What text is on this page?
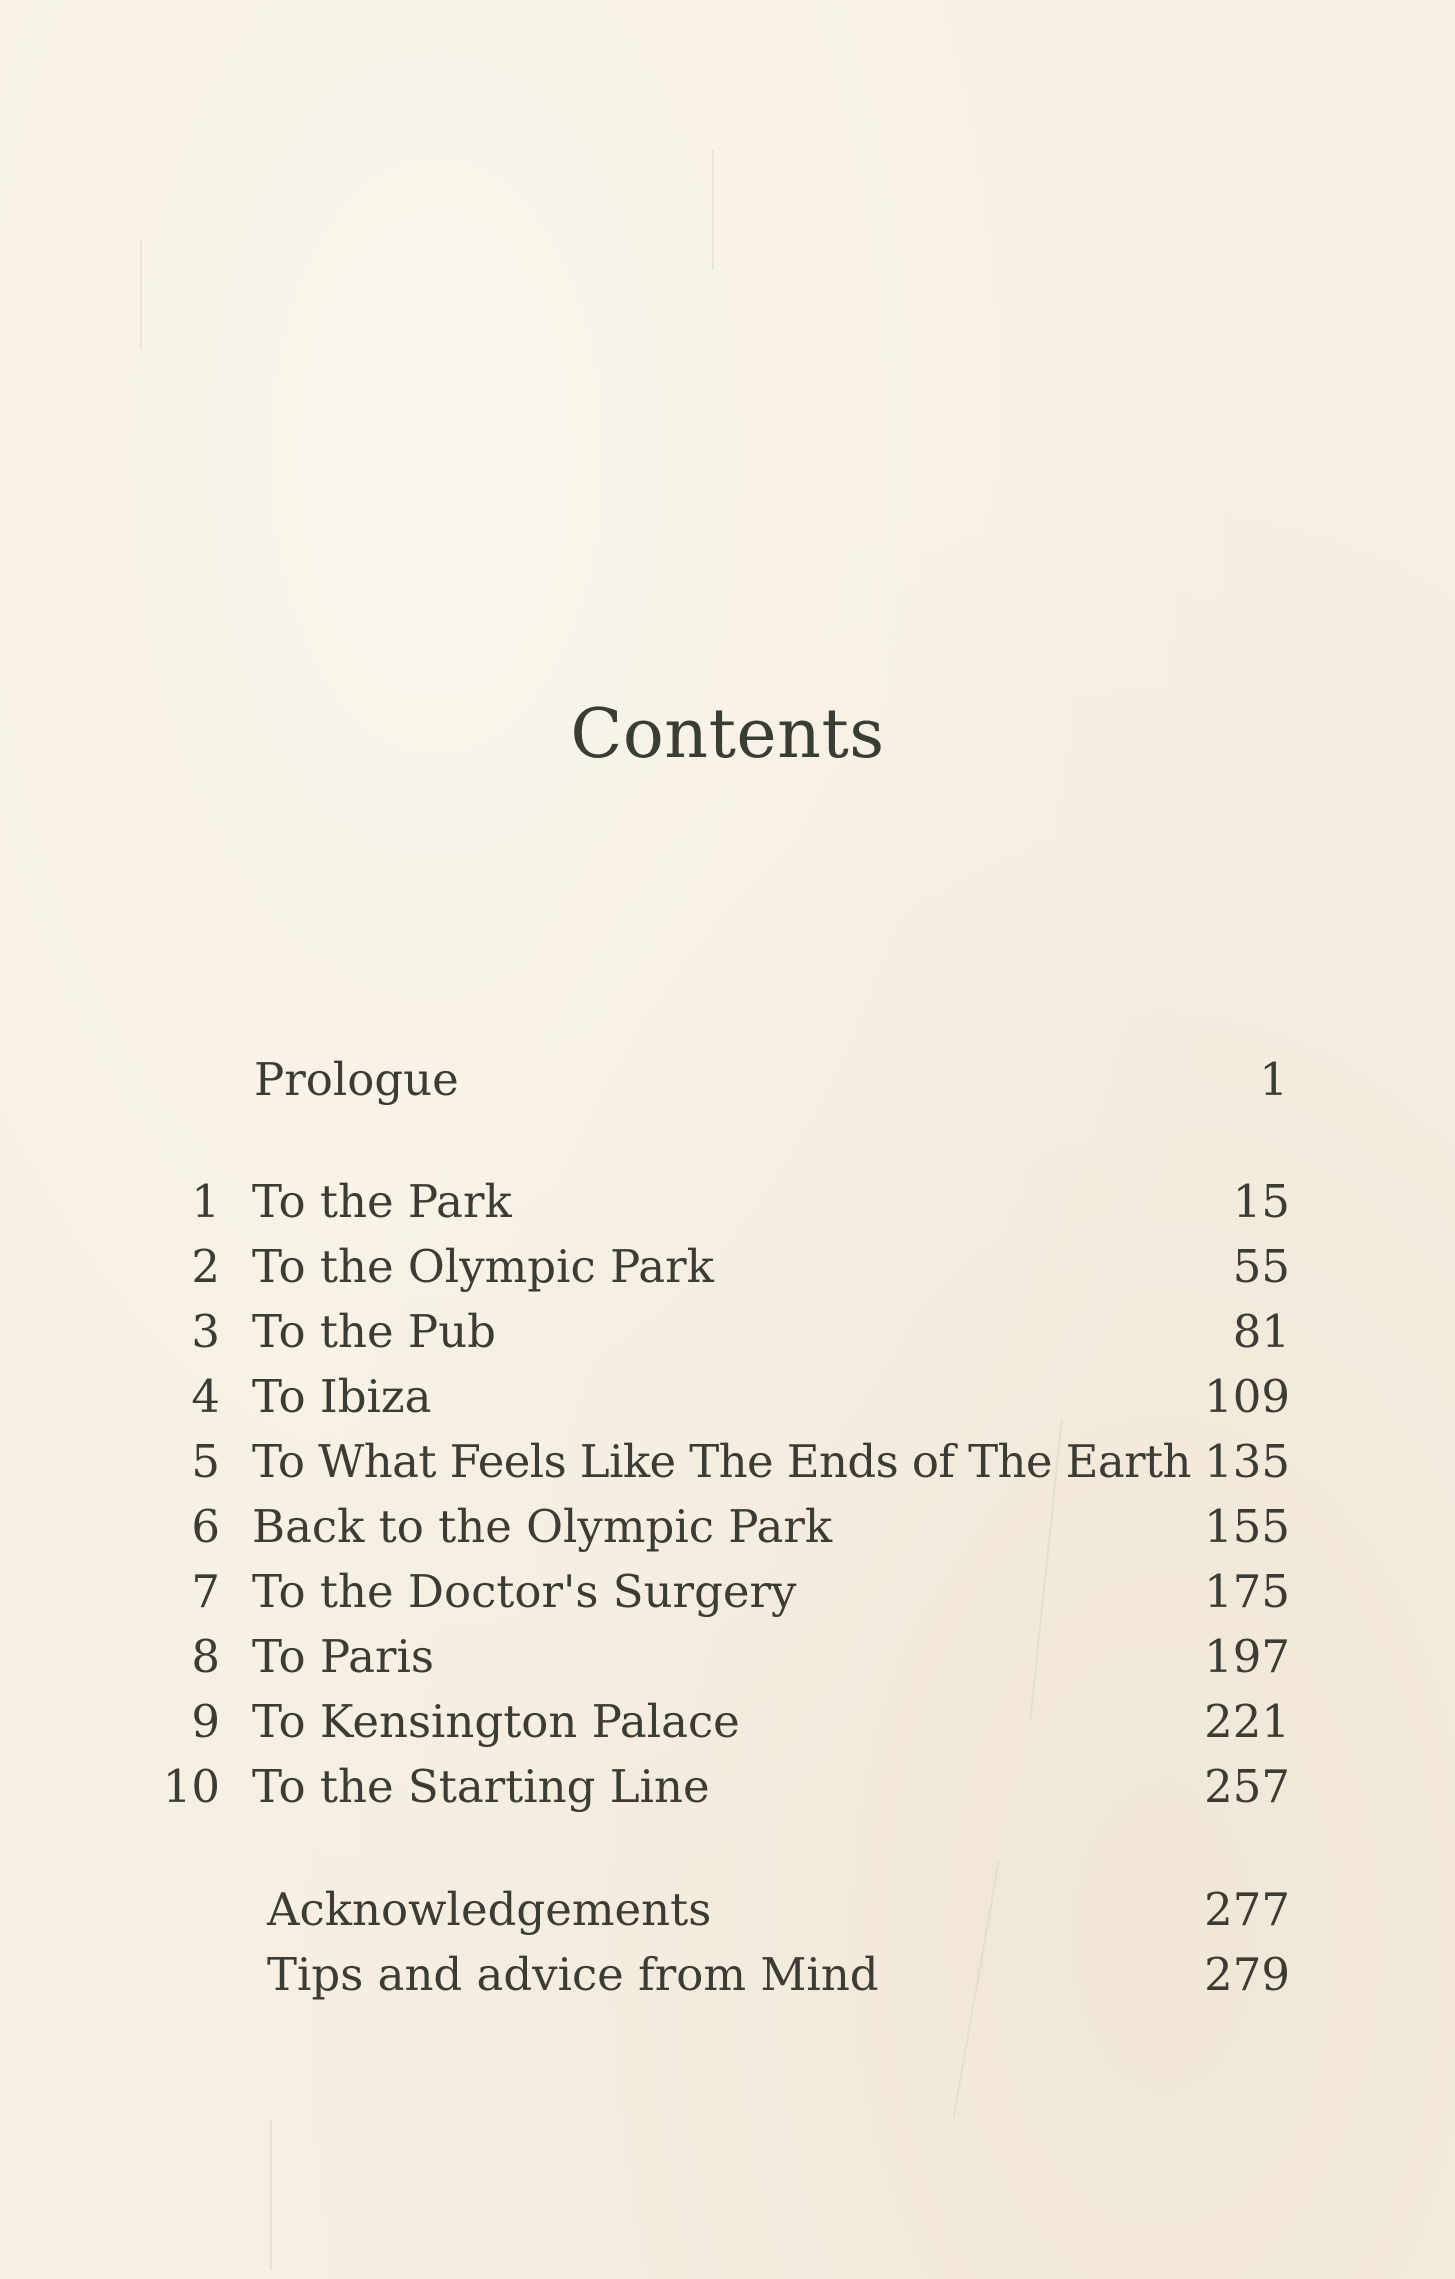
Contents
Prologue	1
1 To the Park	15
2 To the Olympic Park	55
3 To the Pub	81
4 To Ibiza	109
5 To What Feels Like The Ends of The Earth 135
6 Back to the Olympic Park	155
7 To the Doctor's Surgery	175
8 To Paris	197
9 To Kensington Palace	221
10 To the Starting Line	257
Acknowledgements	277
Tips and advice from Mind	279
